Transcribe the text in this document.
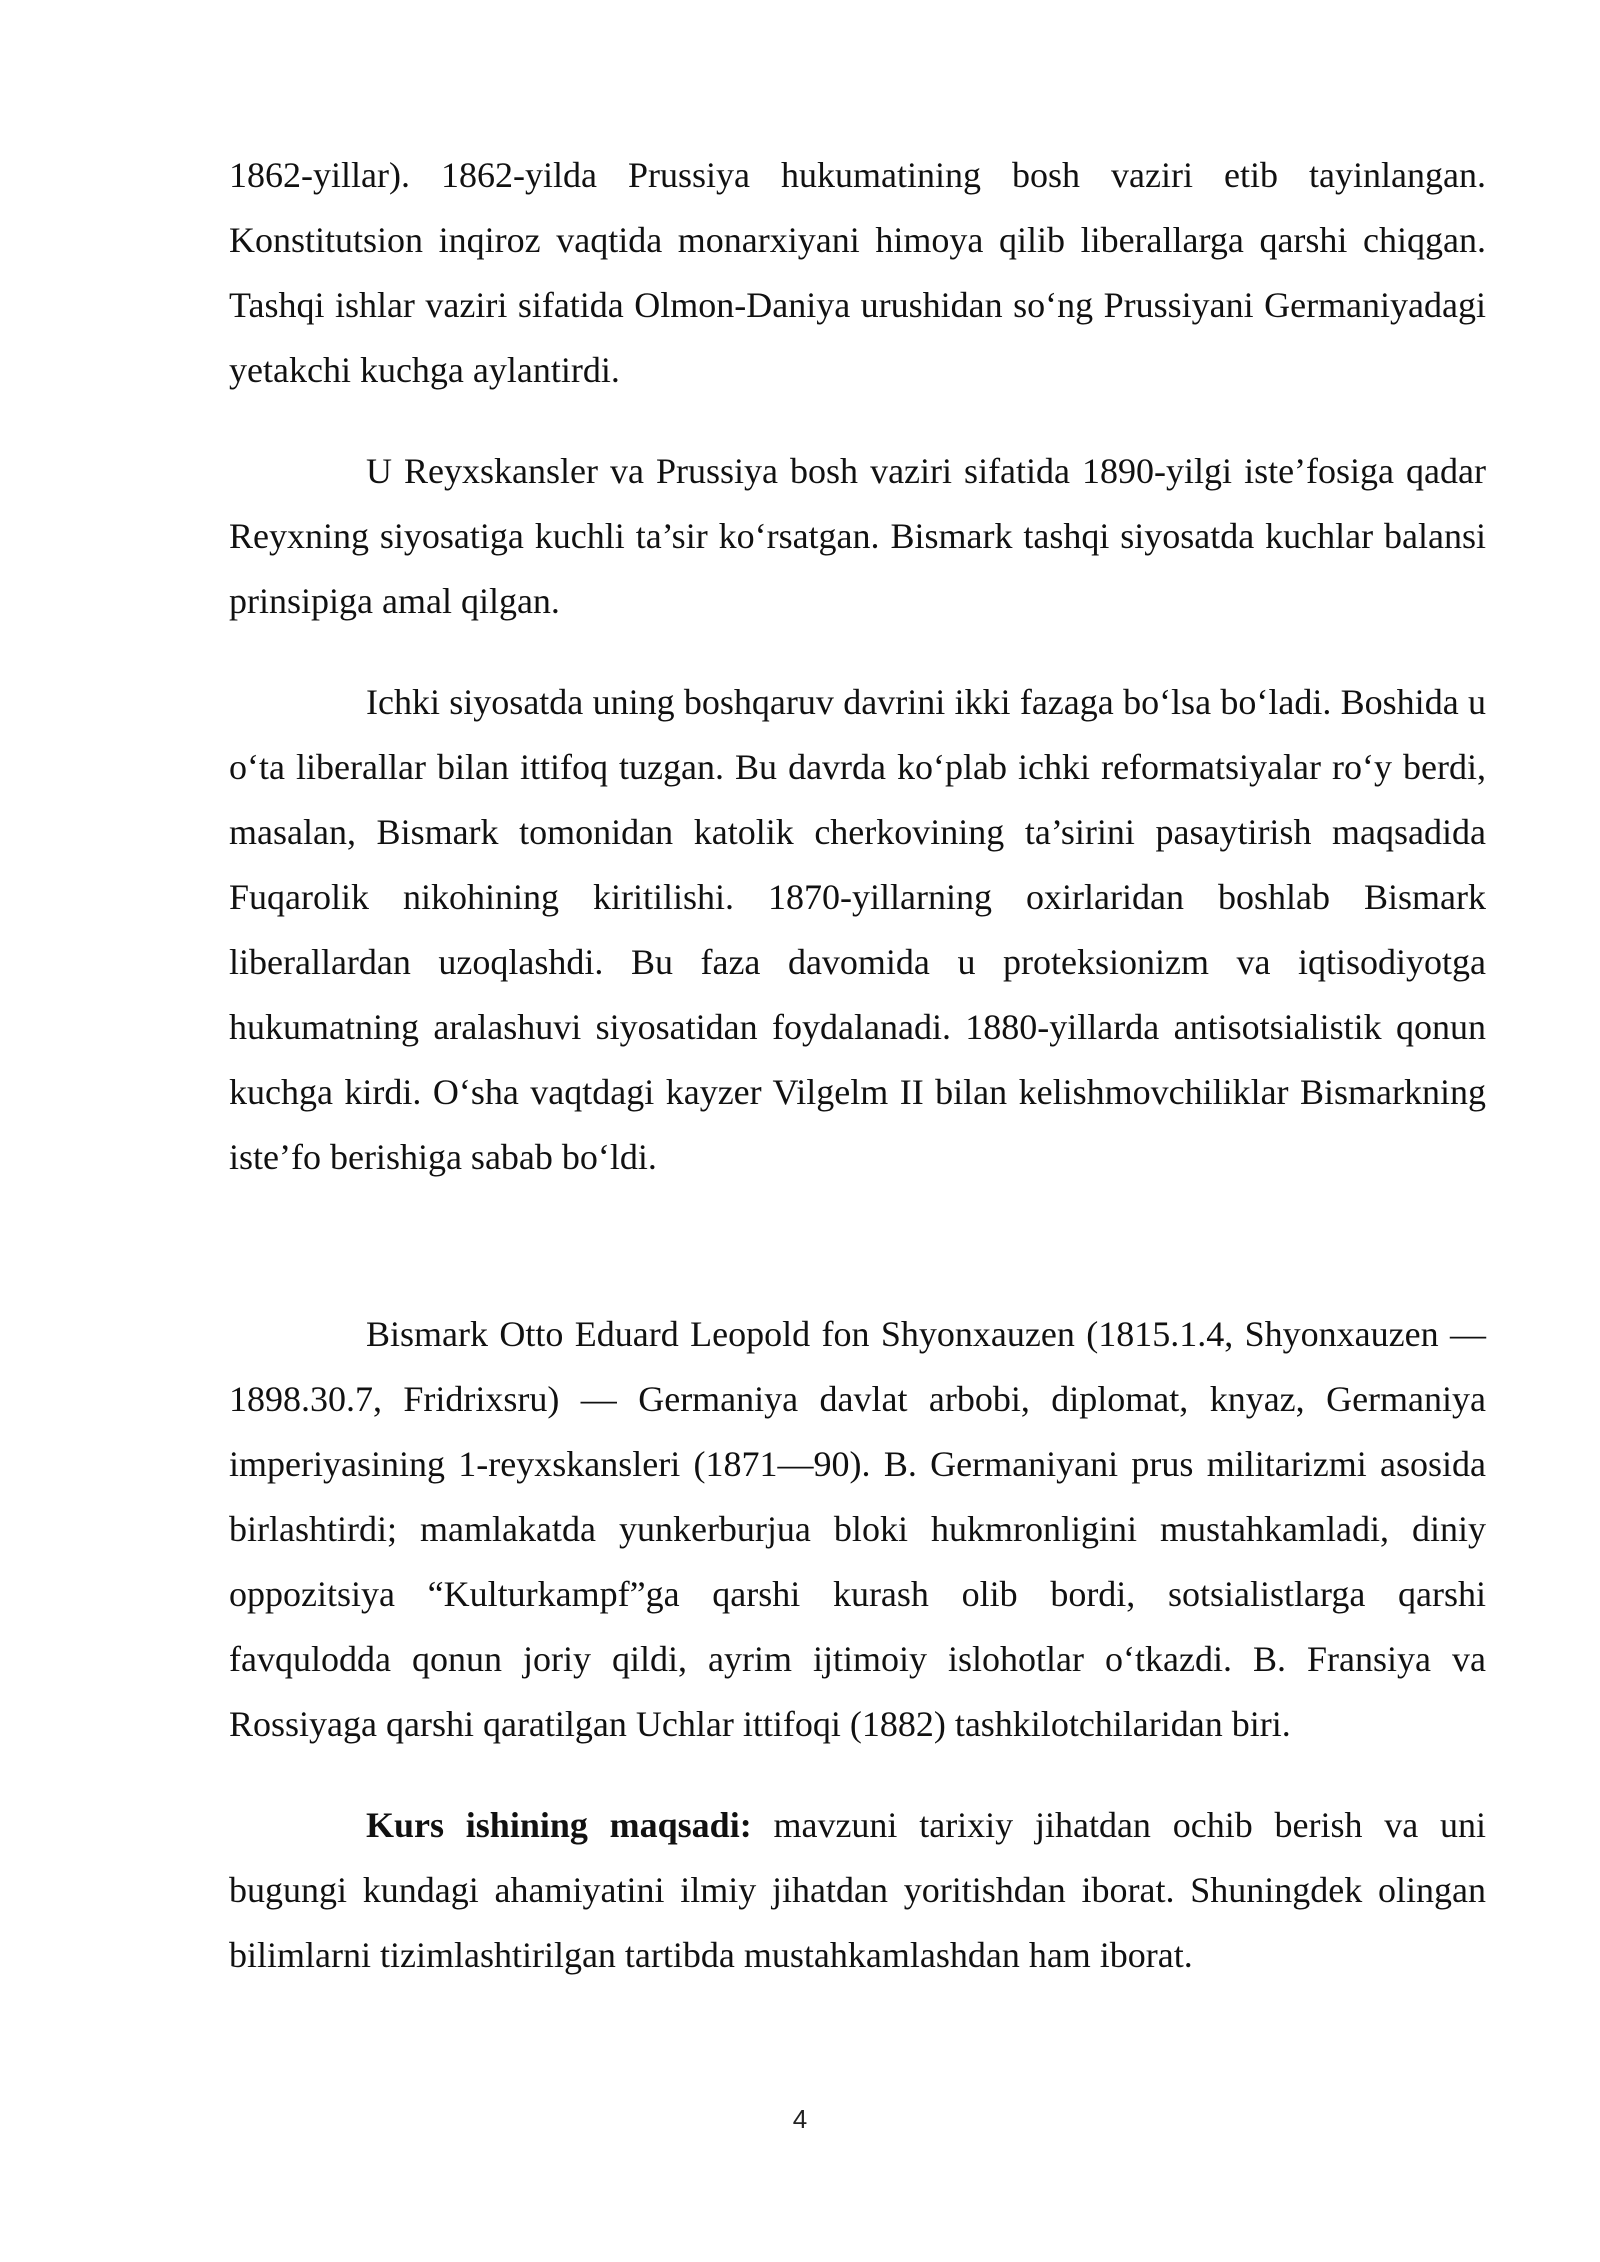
1862-yillar). 1862-yilda Prussiya hukumatining bosh vaziri etib tayinlangan. Konstitutsion inqiroz vaqtida monarxiyani himoya qilib liberallarga qarshi chiqgan. Tashqi ishlar vaziri sifatida Olmon-Daniya urushidan so‘ng Prussiyani Germaniyadagi yetakchi kuchga aylantirdi.

U Reyxskansler va Prussiya bosh vaziri sifatida 1890-yilgi iste’fosiga qadar Reyxning siyosatiga kuchli ta’sir ko‘rsatgan. Bismark tashqi siyosatda kuchlar balansi prinsipiga amal qilgan.

Ichki siyosatda uning boshqaruv davrini ikki fazaga bo‘lsa bo‘ladi. Boshida u o‘ta liberallar bilan ittifoq tuzgan. Bu davrda ko‘plab ichki reformatsiyalar ro‘y berdi, masalan, Bismark tomonidan katolik cherkovining ta’sirini pasaytirish maqsadida Fuqarolik nikohining kiritilishi. 1870-yillarning oxirlaridan boshlab Bismark liberallardan uzoqlashdi. Bu faza davomida u proteksionizm va iqtisodiyotga hukumatning aralashuvi siyosatidan foydalanadi. 1880-yillarda antisotsialistik qonun kuchga kirdi. O‘sha vaqtdagi kayzer Vilgelm II bilan kelishmovchiliklar Bismarkning iste’fo berishiga sabab bo‘ldi.

Bismark Otto Eduard Leopold fon Shyonxauzen (1815.1.4, Shyonxauzen —1898.30.7, Fridrixsru) — Germaniya davlat arbobi, diplomat, knyaz, Germaniya imperiyasining 1-reyxskansleri (1871—90). B. Germaniyani prus militarizmi asosida birlashtirdi; mamlakatda yunkerburjua bloki hukmronligini mustahkamladi, diniy oppozitsiya “Kulturkampf”ga qarshi kurash olib bordi, sotsialistlarga qarshi favqulodda qonun joriy qildi, ayrim ijtimoiy islohotlar o‘tkazdi. B. Fransiya va Rossiyaga qarshi qaratilgan Uchlar ittifoqi (1882) tashkilotchilaridan biri.

Kurs ishining maqsadi: mavzuni tarixiy jihatdan ochib berish va uni bugungi kundagi ahamiyatini ilmiy jihatdan yoritishdan iborat. Shuningdek olingan bilimlarni tizimlashtirilgan tartibda mustahkamlashdan ham iborat.

4
